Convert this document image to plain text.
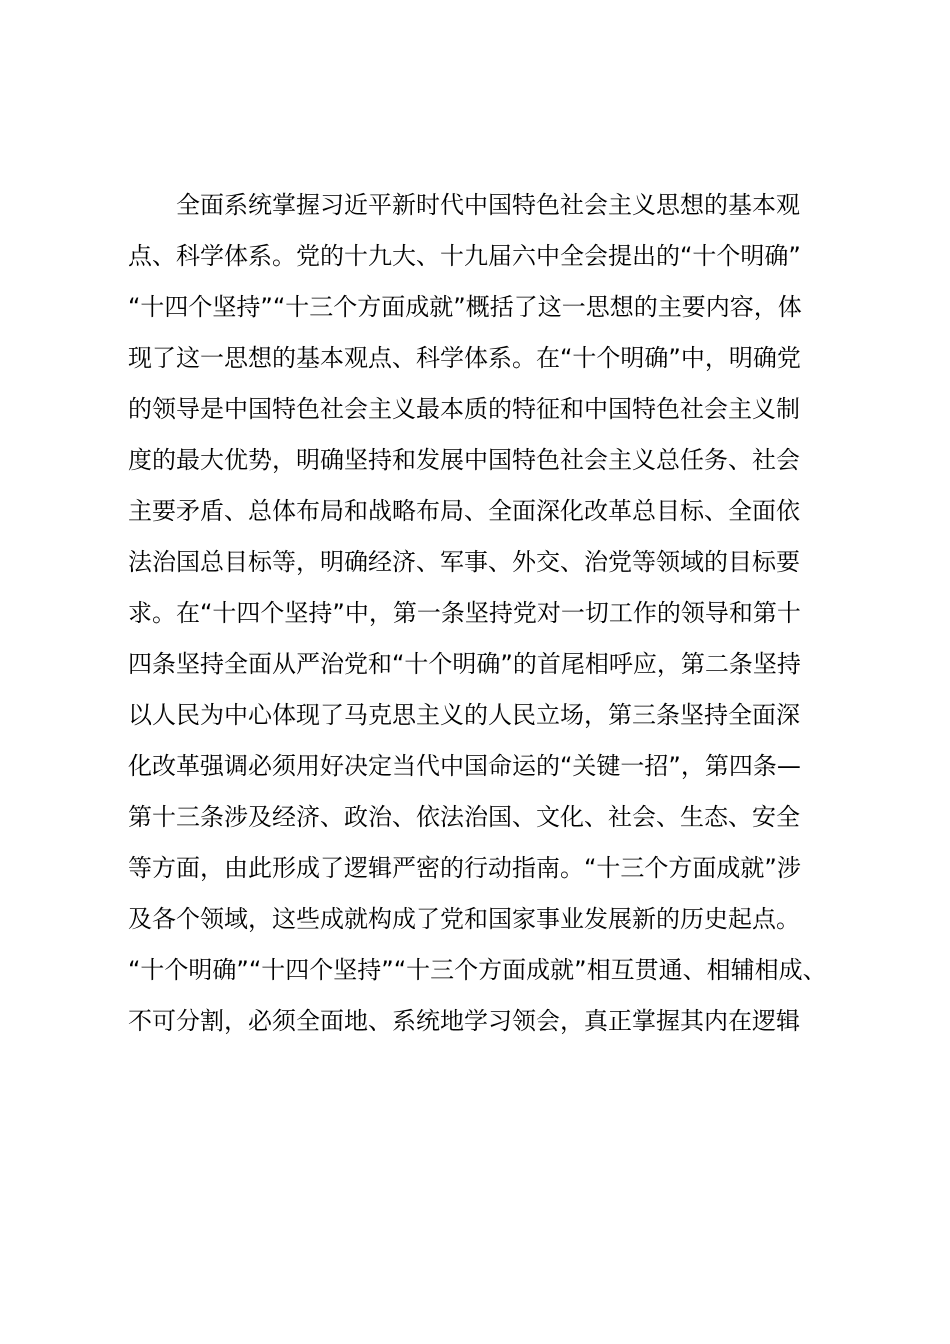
全面系统掌握习近平新时代中国特色社会主义思想的基本观
点、科学体系。党的十九大、十九届六中全会提出的“十个明确”
“十四个坚持”“十三个方面成就”概括了这一思想的主要内容，体
现了这一思想的基本观点、科学体系。在“十个明确”中，明确党
的领导是中国特色社会主义最本质的特征和中国特色社会主义制
度的最大优势，明确坚持和发展中国特色社会主义总任务、社会
主要矛盾、总体布局和战略布局、全面深化改革总目标、全面依
法治国总目标等，明确经济、军事、外交、治党等领域的目标要
求。在“十四个坚持”中，第一条坚持党对一切工作的领导和第十
四条坚持全面从严治党和“十个明确”的首尾相呼应，第二条坚持
以人民为中心体现了马克思主义的人民立场，第三条坚持全面深
化改革强调必须用好决定当代中国命运的“关键一招”，第四条—
第十三条涉及经济、政治、依法治国、文化、社会、生态、安全
等方面，由此形成了逻辑严密的行动指南。“十三个方面成就”涉
及各个领域，这些成就构成了党和国家事业发展新的历史起点。
“十个明确”“十四个坚持”“十三个方面成就”相互贯通、相辅相成、
不可分割，必须全面地、系统地学习领会，真正掌握其内在逻辑
